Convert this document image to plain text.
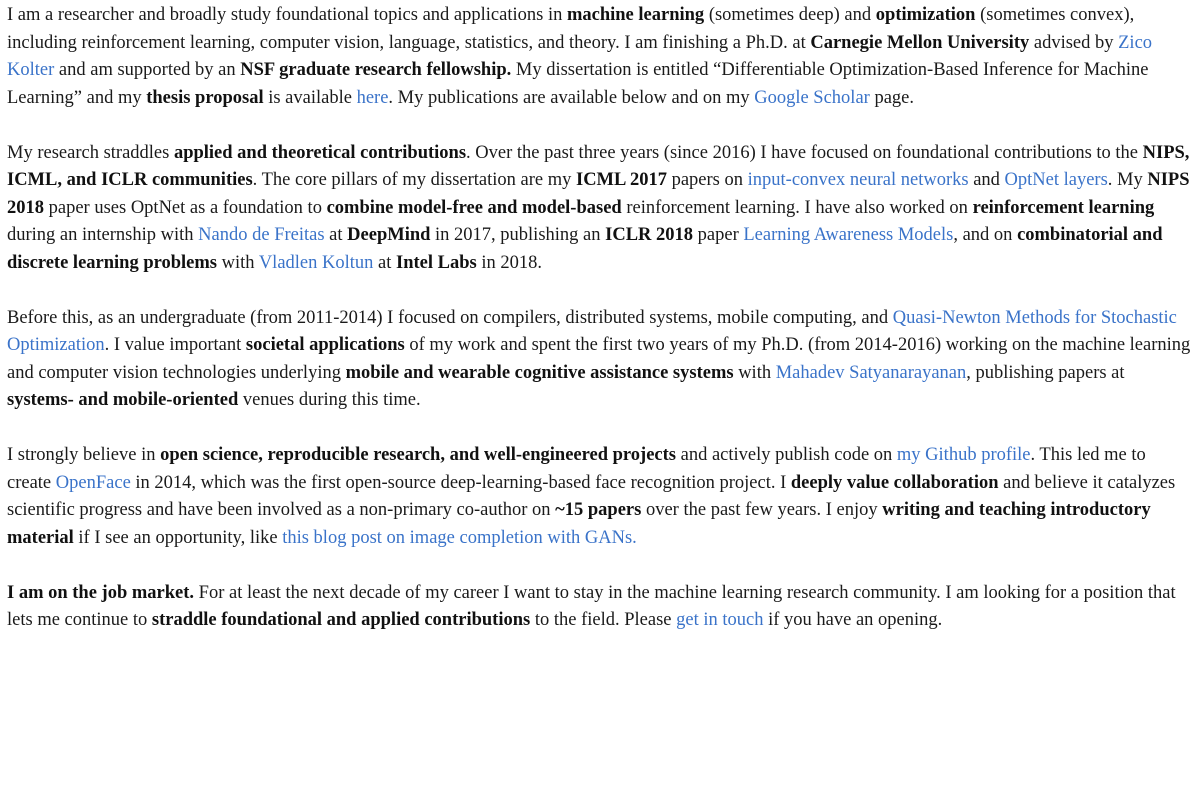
I am a researcher and broadly study foundational topics and applications in machine learning (sometimes deep) and optimization (sometimes convex), including reinforcement learning, computer vision, language, statistics, and theory. I am finishing a Ph.D. at Carnegie Mellon University advised by Zico Kolter and am supported by an NSF graduate research fellowship. My dissertation is entitled “Differentiable Optimization-Based Inference for Machine Learning” and my thesis proposal is available here. My publications are available below and on my Google Scholar page.

My research straddles applied and theoretical contributions. Over the past three years (since 2016) I have focused on foundational contributions to the NIPS, ICML, and ICLR communities. The core pillars of my dissertation are my ICML 2017 papers on input-convex neural networks and OptNet layers. My NIPS 2018 paper uses OptNet as a foundation to combine model-free and model-based reinforcement learning. I have also worked on reinforcement learning during an internship with Nando de Freitas at DeepMind in 2017, publishing an ICLR 2018 paper Learning Awareness Models, and on combinatorial and discrete learning problems with Vladlen Koltun at Intel Labs in 2018.

Before this, as an undergraduate (from 2011-2014) I focused on compilers, distributed systems, mobile computing, and Quasi-Newton Methods for Stochastic Optimization. I value important societal applications of my work and spent the first two years of my Ph.D. (from 2014-2016) working on the machine learning and computer vision technologies underlying mobile and wearable cognitive assistance systems with Mahadev Satyanarayanan, publishing papers at systems- and mobile-oriented venues during this time.

I strongly believe in open science, reproducible research, and well-engineered projects and actively publish code on my Github profile. This led me to create OpenFace in 2014, which was the first open-source deep-learning-based face recognition project. I deeply value collaboration and believe it catalyzes scientific progress and have been involved as a non-primary co-author on ~15 papers over the past few years. I enjoy writing and teaching introductory material if I see an opportunity, like this blog post on image completion with GANs.

I am on the job market. For at least the next decade of my career I want to stay in the machine learning research community. I am looking for a position that lets me continue to straddle foundational and applied contributions to the field. Please get in touch if you have an opening.
